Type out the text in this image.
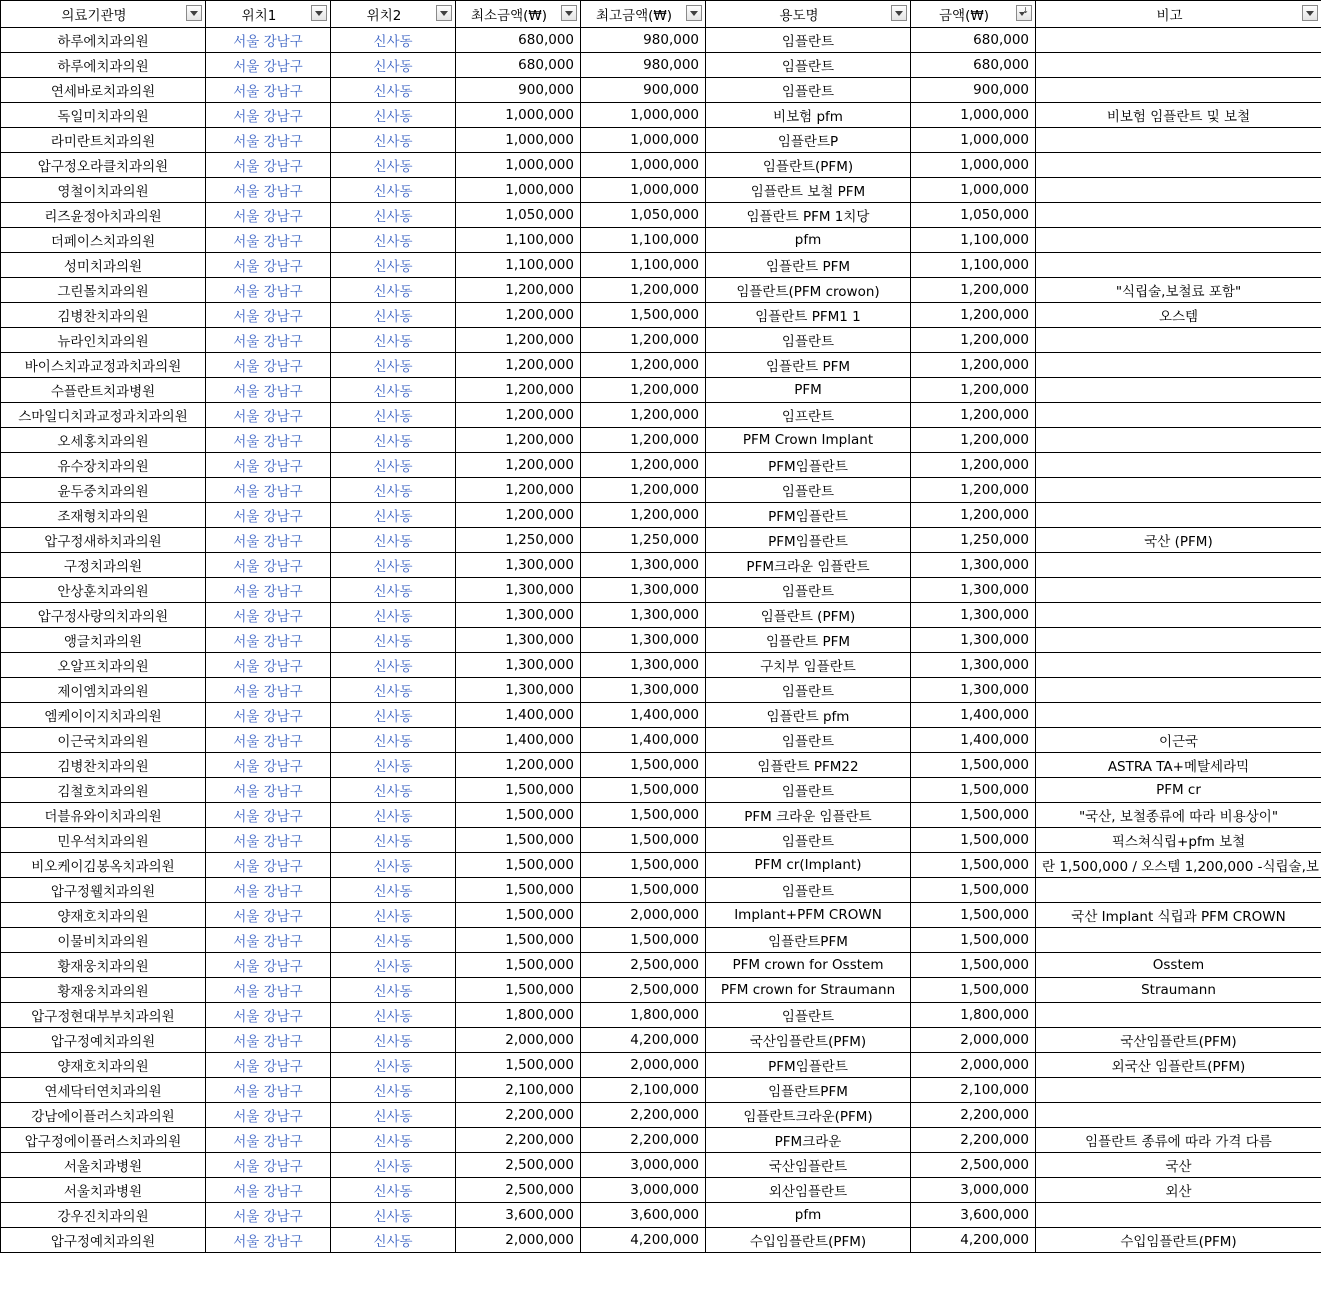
의료기관명	위치1	위치2	최소금액(₩)	최고금액(₩)	용도명	금액(₩) ↓	비고

하루에치과의원	서울 강남구	신사동	680,000	980,000	임플란트	680,000	
하루에치과의원	서울 강남구	신사동	680,000	980,000	임플란트	680,000	
연세바로치과의원	서울 강남구	신사동	900,000	900,000	임플란트	900,000	
독일미치과의원	서울 강남구	신사동	1,000,000	1,000,000	비보험 pfm	1,000,000	비보험 임플란트 및 보철
라미란트치과의원	서울 강남구	신사동	1,000,000	1,000,000	임플란트P	1,000,000	
압구정오라클치과의원	서울 강남구	신사동	1,000,000	1,000,000	임플란트(PFM)	1,000,000	
영철이치과의원	서울 강남구	신사동	1,000,000	1,000,000	임플란트 보철 PFM	1,000,000	
리즈윤정아치과의원	서울 강남구	신사동	1,050,000	1,050,000	임플란트 PFM 1치당	1,050,000	
더페이스치과의원	서울 강남구	신사동	1,100,000	1,100,000	pfm	1,100,000	
성미치과의원	서울 강남구	신사동	1,100,000	1,100,000	임플란트 PFM	1,100,000	
그린몰치과의원	서울 강남구	신사동	1,200,000	1,200,000	임플란트(PFM crowon)	1,200,000	"식립술,보철료 포함"
김병찬치과의원	서울 강남구	신사동	1,200,000	1,500,000	임플란트 PFM1 1	1,200,000	오스템
뉴라인치과의원	서울 강남구	신사동	1,200,000	1,200,000	임플란트	1,200,000	
바이스치과교정과치과의원	서울 강남구	신사동	1,200,000	1,200,000	임플란트 PFM	1,200,000	
수플란트치과병원	서울 강남구	신사동	1,200,000	1,200,000	PFM	1,200,000	
스마일디치과교정과치과의원	서울 강남구	신사동	1,200,000	1,200,000	임프란트	1,200,000	
오세홍치과의원	서울 강남구	신사동	1,200,000	1,200,000	PFM Crown Implant	1,200,000	
유수장치과의원	서울 강남구	신사동	1,200,000	1,200,000	PFM임플란트	1,200,000	
윤두중치과의원	서울 강남구	신사동	1,200,000	1,200,000	임플란트	1,200,000	
조재형치과의원	서울 강남구	신사동	1,200,000	1,200,000	PFM임플란트	1,200,000	
압구정새하치과의원	서울 강남구	신사동	1,250,000	1,250,000	PFM임플란트	1,250,000	국산 (PFM)
구정치과의원	서울 강남구	신사동	1,300,000	1,300,000	PFM크라운 임플란트	1,300,000	
안상훈치과의원	서울 강남구	신사동	1,300,000	1,300,000	임플란트	1,300,000	
압구정사랑의치과의원	서울 강남구	신사동	1,300,000	1,300,000	임플란트 (PFM)	1,300,000	
앵글치과의원	서울 강남구	신사동	1,300,000	1,300,000	임플란트 PFM	1,300,000	
오알프치과의원	서울 강남구	신사동	1,300,000	1,300,000	구치부 임플란트	1,300,000	
제이엠치과의원	서울 강남구	신사동	1,300,000	1,300,000	임플란트	1,300,000	
엠케이이지치과의원	서울 강남구	신사동	1,400,000	1,400,000	임플란트 pfm	1,400,000	
이근국치과의원	서울 강남구	신사동	1,400,000	1,400,000	임플란트	1,400,000	이근국
김병찬치과의원	서울 강남구	신사동	1,200,000	1,500,000	임플란트 PFM22	1,500,000	ASTRA TA+메탈세라믹
김철호치과의원	서울 강남구	신사동	1,500,000	1,500,000	임플란트	1,500,000	PFM cr
더블유와이치과의원	서울 강남구	신사동	1,500,000	1,500,000	PFM 크라운 임플란트	1,500,000	"국산, 보철종류에 따라 비용상이"
민우석치과의원	서울 강남구	신사동	1,500,000	1,500,000	임플란트	1,500,000	픽스쳐식립+pfm 보철
비오케이김봉옥치과의원	서울 강남구	신사동	1,500,000	1,500,000	PFM cr(Implant)	1,500,000	란 1,500,000 / 오스템 1,200,000 -식립술,보
압구정웰치과의원	서울 강남구	신사동	1,500,000	1,500,000	임플란트	1,500,000	
양재호치과의원	서울 강남구	신사동	1,500,000	2,000,000	Implant+PFM CROWN	1,500,000	국산 Implant 식립과 PFM CROWN
이물비치과의원	서울 강남구	신사동	1,500,000	1,500,000	임플란트PFM	1,500,000	
황재웅치과의원	서울 강남구	신사동	1,500,000	2,500,000	PFM crown for Osstem	1,500,000	Osstem
황재웅치과의원	서울 강남구	신사동	1,500,000	2,500,000	PFM crown for Straumann	1,500,000	Straumann
압구정현대부부치과의원	서울 강남구	신사동	1,800,000	1,800,000	임플란트	1,800,000	
압구정예치과의원	서울 강남구	신사동	2,000,000	4,200,000	국산임플란트(PFM)	2,000,000	국산임플란트(PFM)
양재호치과의원	서울 강남구	신사동	1,500,000	2,000,000	PFM임플란트	2,000,000	외국산 임플란트(PFM)
연세닥터연치과의원	서울 강남구	신사동	2,100,000	2,100,000	임플란트PFM	2,100,000	
강남에이플러스치과의원	서울 강남구	신사동	2,200,000	2,200,000	임플란트크라운(PFM)	2,200,000	
압구정에이플러스치과의원	서울 강남구	신사동	2,200,000	2,200,000	PFM크라운	2,200,000	임플란트 종류에 따라 가격 다름
서울치과병원	서울 강남구	신사동	2,500,000	3,000,000	국산임플란트	2,500,000	국산
서울치과병원	서울 강남구	신사동	2,500,000	3,000,000	외산임플란트	3,000,000	외산
강우진치과의원	서울 강남구	신사동	3,600,000	3,600,000	pfm	3,600,000	
압구정예치과의원	서울 강남구	신사동	2,000,000	4,200,000	수입임플란트(PFM)	4,200,000	수입임플란트(PFM)
